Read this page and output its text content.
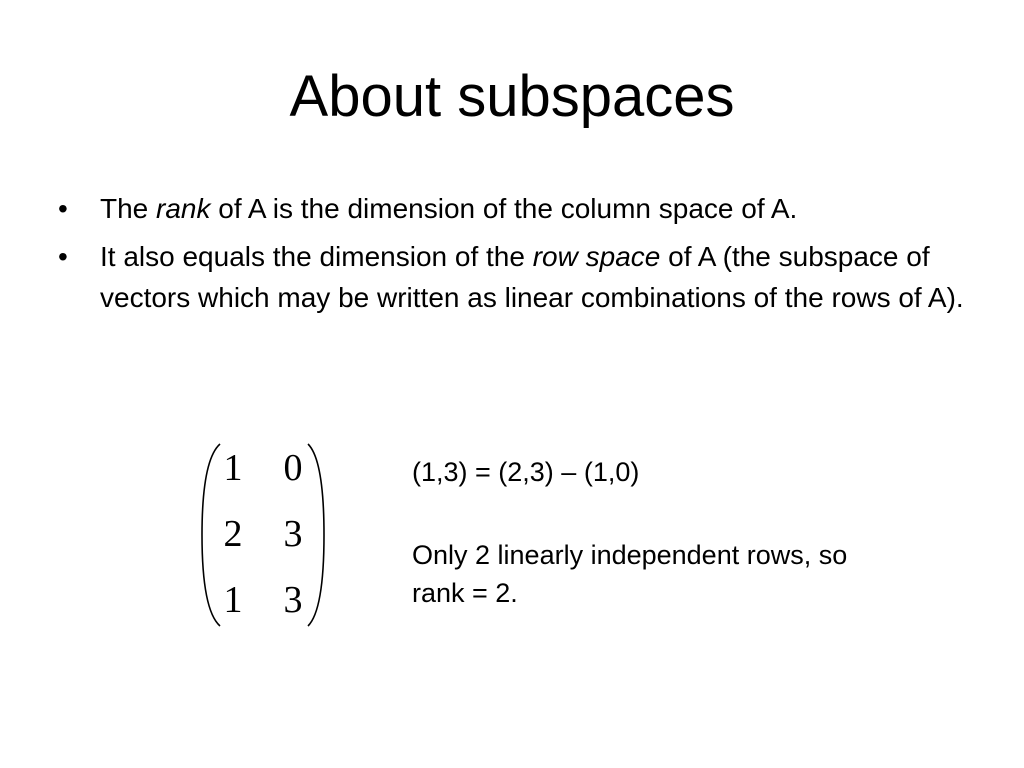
About subspaces
• The rank of A is the dimension of the column space of A.
• It also equals the dimension of the row space of A (the subspace of vectors which may be written as linear combinations of the rows of A).
1 0
2 3
1 3
(1,3) = (2,3) – (1,0)
Only 2 linearly independent rows, so rank = 2.
